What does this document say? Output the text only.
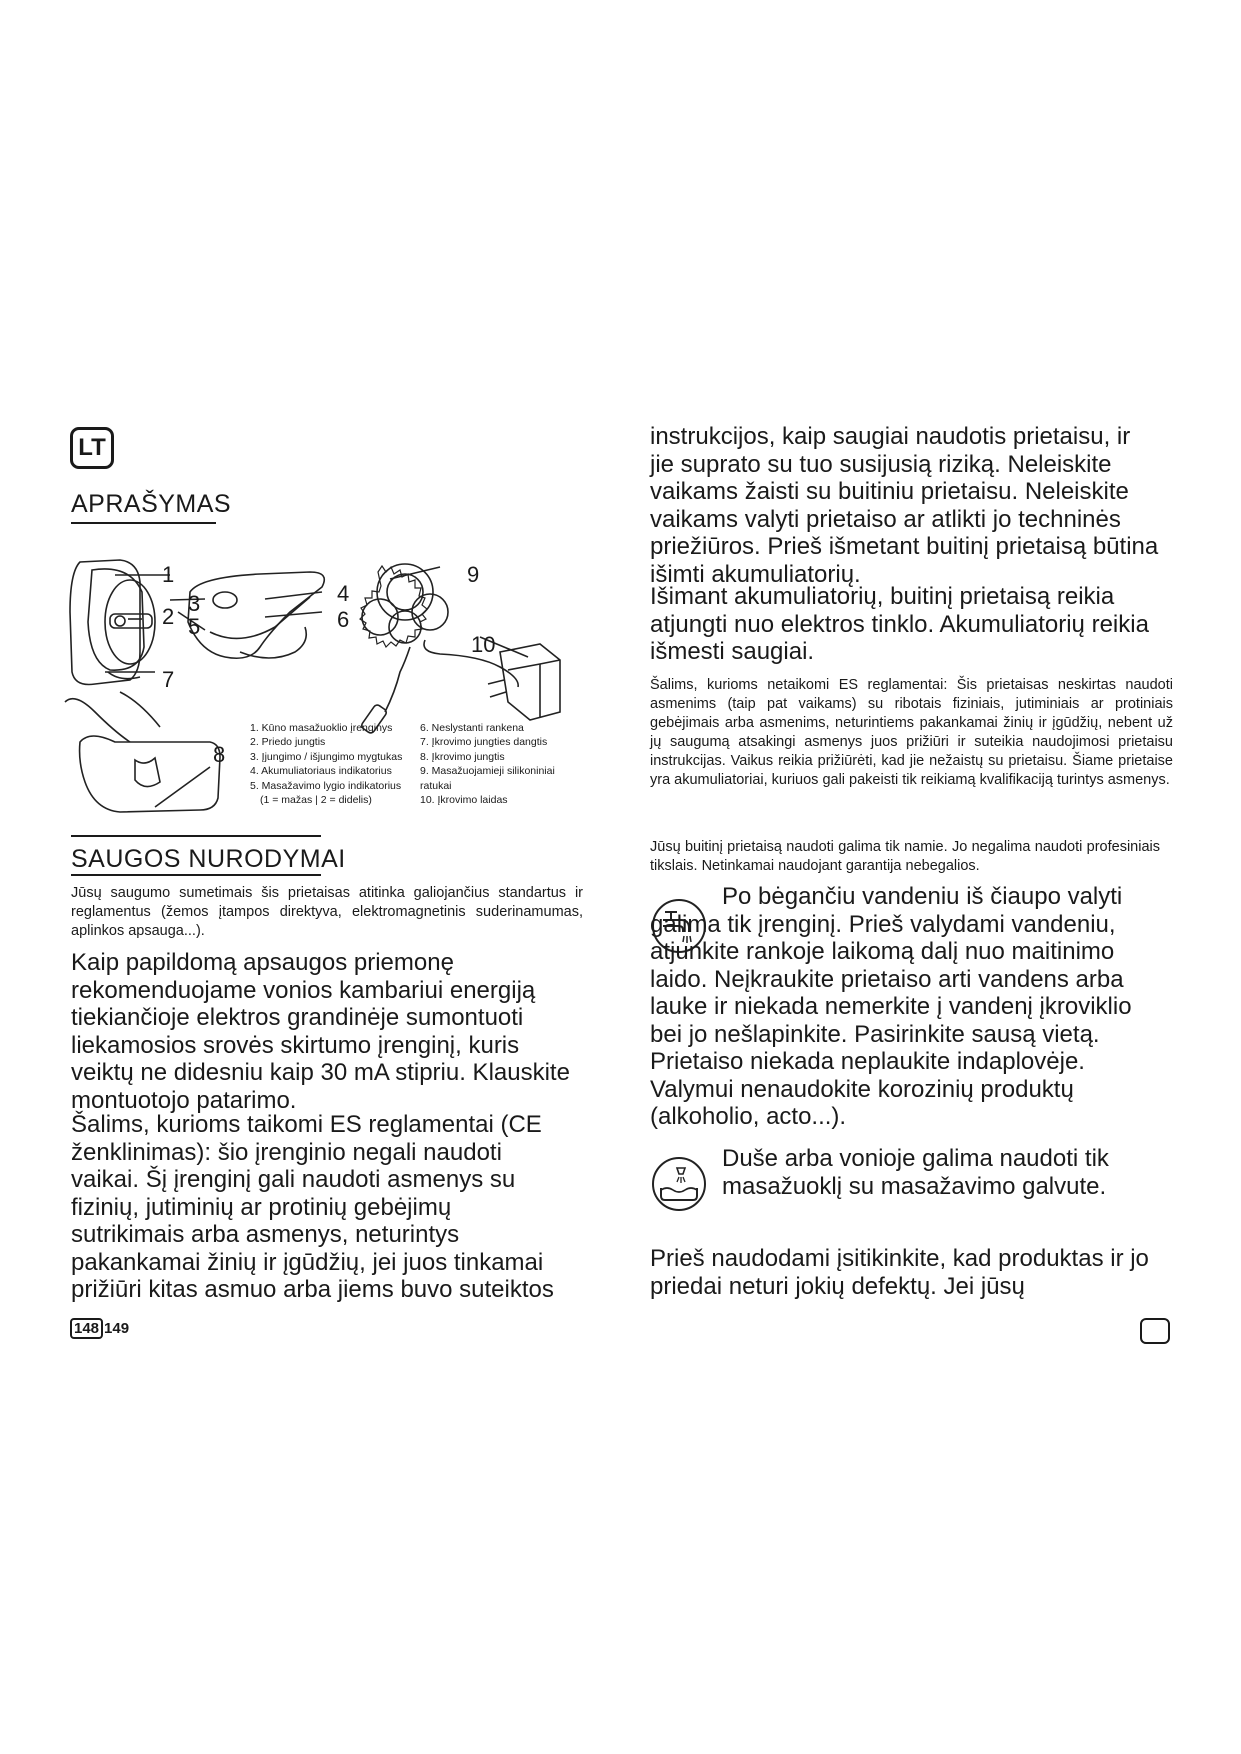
LT
APRAŠYMAS
1
2
3	4
5	6
7
8
9
10
1. Kūno masažuoklio įrenginys
2. Priedo jungtis
3. Įjungimo / išjungimo mygtukas
4. Akumuliatoriaus indikatorius
5. Masažavimo lygio indikatorius
(1 = mažas | 2 = didelis)
6. Neslystanti rankena
7. Įkrovimo jungties dangtis
8. Įkrovimo jungtis
9. Masažuojamieji silikoniniai
ratukai
10. Įkrovimo laidas
SAUGOS NURODYMAI

Jūsų saugumo sumetimais šis prietaisas atitinka galiojančius standartus ir reglamentus (žemos įtampos direktyva, elektromagnetinis suderinamumas, aplinkos apsauga...).

Kaip papildomą apsaugos priemonę rekomenduojame vonios kambariui energiją tiekiančioje elektros grandinėje sumontuoti liekamosios srovės skirtumo įrenginį, kuris veiktų ne didesniu kaip 30 mA stipriu. Klauskite montuotojo patarimo.

Šalims, kurioms taikomi ES reglamentai (CE ženklinimas): šio įrenginio negali naudoti vaikai. Šį įrenginį gali naudoti asmenys su fizinių, jutiminių ar protinių gebėjimų sutrikimais arba asmenys, neturintys pakankamai žinių ir įgūdžių, jei juos tinkamai prižiūri kitas asmuo arba jiems buvo suteiktos

instrukcijos, kaip saugiai naudotis prietaisu, ir jie suprato su tuo susijusią riziką. Neleiskite vaikams žaisti su buitiniu prietaisu. Neleiskite vaikams valyti prietaiso ar atlikti jo techninės priežiūros. Prieš išmetant buitinį prietaisą būtina išimti akumuliatorių.

Išimant akumuliatorių, buitinį prietaisą reikia atjungti nuo elektros tinklo. Akumuliatorių reikia išmesti saugiai.

Šalims, kurioms netaikomi ES reglamentai: Šis prietaisas neskirtas naudoti asmenims (taip pat vaikams) su ribotais fiziniais, jutiminiais ar protiniais gebėjimais arba asmenims, neturintiems pakankamai žinių ir įgūdžių, nebent už jų saugumą atsakingi asmenys juos prižiūri ir suteikia naudojimosi prietaisu instrukcijas. Vaikus reikia prižiūrėti, kad jie nežaistų su prietaisu. Šiame prietaise yra akumuliatoriai, kuriuos gali pakeisti tik reikiamą kvalifikaciją turintys asmenys.

Jūsų buitinį prietaisą naudoti galima tik namie. Jo negalima naudoti profesiniais tikslais. Netinkamai naudojant garantija nebegalios.

Po bėgančiu vandeniu iš čiaupo valyti galima tik įrenginį. Prieš valydami vandeniu, atjunkite rankoje laikomą dalį nuo maitinimo laido. Neįkraukite prietaiso arti vandens arba lauke ir niekada nemerkite į vandenį įkroviklio bei jo nešlapinkite. Pasirinkite sausą vietą. Prietaiso niekada neplaukite indaplovėje. Valymui nenaudokite korozinių produktų (alkoholio, acto...).

Duše arba vonioje galima naudoti tik masažuoklį su masažavimo galvute.

Prieš naudodami įsitikinkite, kad produktas ir jo priedai neturi jokių defektų. Jei jūsų

148 149
